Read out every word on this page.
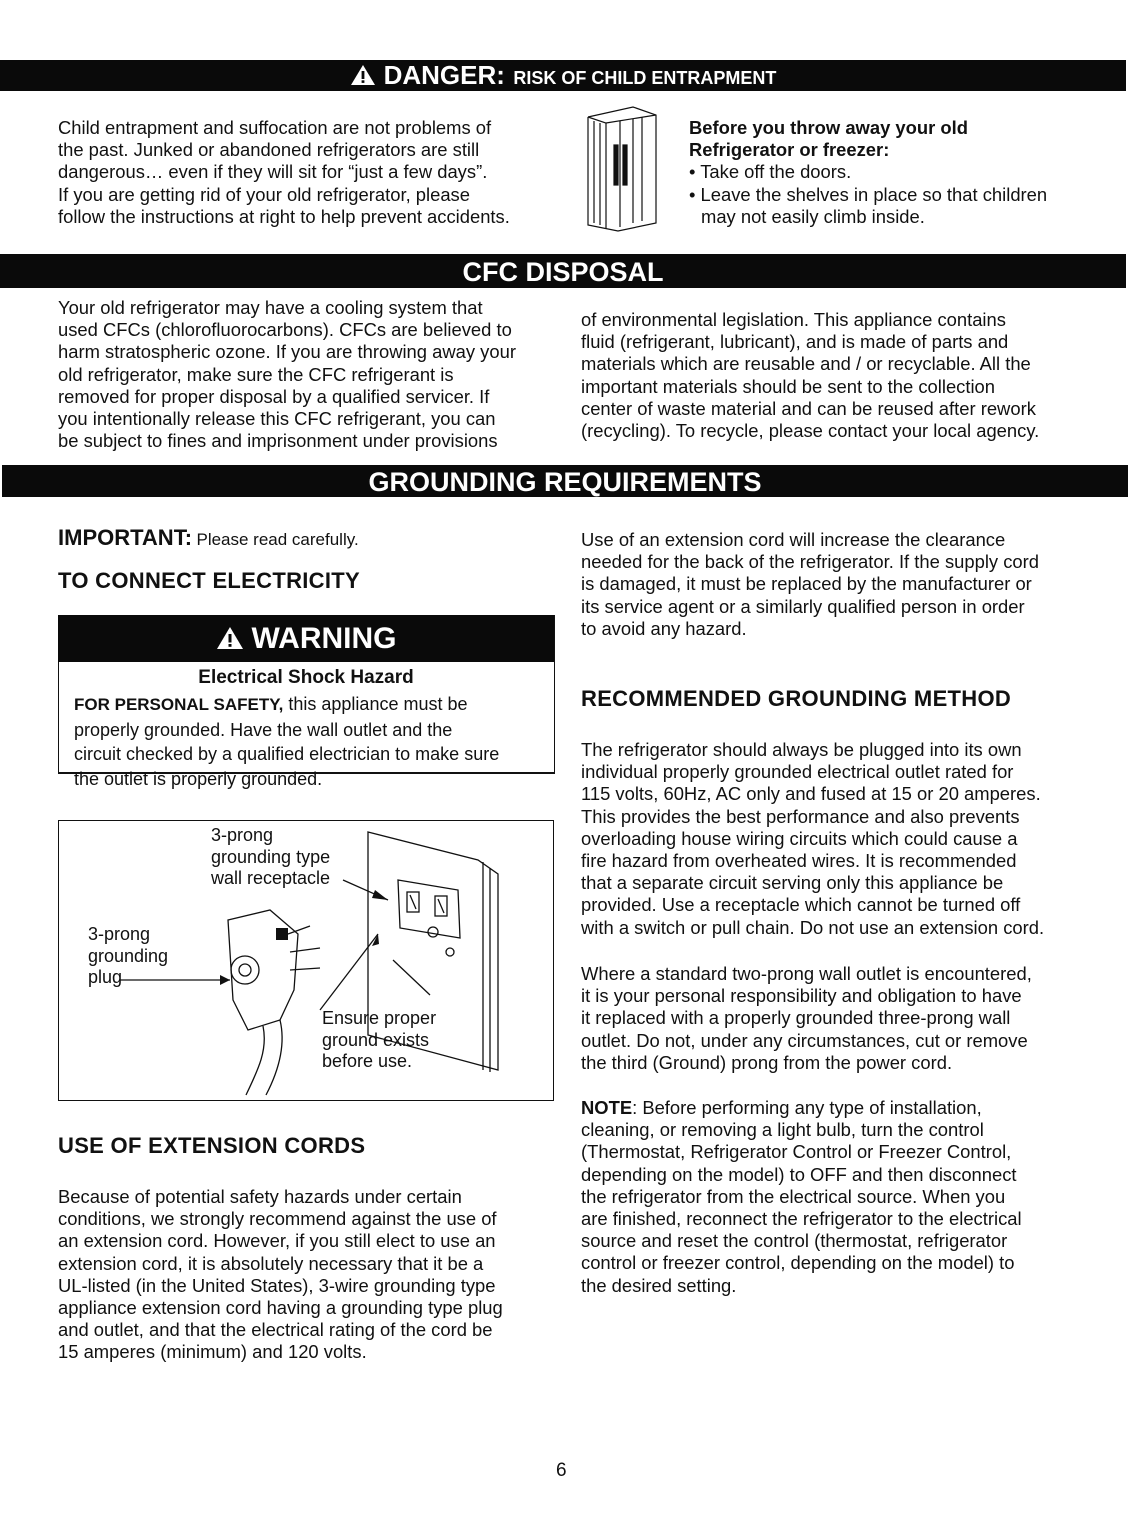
DANGER: RISK OF CHILD ENTRAPMENT
Child entrapment and suffocation are not problems of
the past. Junked or abandoned refrigerators are still
dangerous… even if they will sit for “just a few days”.
If you are getting rid of your old refrigerator, please
follow the instructions at right to help prevent accidents.
Before you throw away your old
Refrigerator or freezer:
• Take off the doors.
• Leave the shelves in place so that children
may not easily climb inside.
CFC DISPOSAL
Your old refrigerator may have a cooling system that
used CFCs (chlorofluorocarbons). CFCs are believed to
harm stratospheric ozone. If you are throwing away your
old refrigerator, make sure the CFC refrigerant is
removed for proper disposal by a qualified servicer. If
you intentionally release this CFC refrigerant, you can
be subject to fines and imprisonment under provisions
of environmental legislation. This appliance contains
fluid (refrigerant, lubricant), and is made of parts and
materials which are reusable and / or recyclable. All the
important materials should be sent to the collection
center of waste material and can be reused after rework
(recycling). To recycle, please contact your local agency.
GROUNDING REQUIREMENTS
IMPORTANT: Please read carefully.
TO CONNECT ELECTRICITY
WARNING
Electrical Shock Hazard
FOR PERSONAL SAFETY, this appliance must be
properly grounded. Have the wall outlet and the
circuit checked by a qualified electrician to make sure
the outlet is properly grounded.
3-prong
grounding type
wall receptacle
3-prong
grounding
plug
Ensure proper
ground exists
before use.
USE OF EXTENSION CORDS
Because of potential safety hazards under certain
conditions, we strongly recommend against the use of
an extension cord. However, if you still elect to use an
extension cord, it is absolutely necessary that it be a
UL-listed (in the United States), 3-wire grounding type
appliance extension cord having a grounding type plug
and outlet, and that the electrical rating of the cord be
15 amperes (minimum) and 120 volts.
Use of an extension cord will increase the clearance
needed for the back of the refrigerator. If the supply cord
is damaged, it must be replaced by the manufacturer or
its service agent or a similarly qualified person in order
to avoid any hazard.
RECOMMENDED GROUNDING METHOD
The refrigerator should always be plugged into its own
individual properly grounded electrical outlet rated for
115 volts, 60Hz, AC only and fused at 15 or 20 amperes.
This provides the best performance and also prevents
overloading house wiring circuits which could cause a
fire hazard from overheated wires. It is recommended
that a separate circuit serving only this appliance be
provided. Use a receptacle which cannot be turned off
with a switch or pull chain. Do not use an extension cord.
Where a standard two-prong wall outlet is encountered,
it is your personal responsibility and obligation to have
it replaced with a properly grounded three-prong wall
outlet. Do not, under any circumstances, cut or remove
the third (Ground) prong from the power cord.
NOTE: Before performing any type of installation,
cleaning, or removing a light bulb, turn the control
(Thermostat, Refrigerator Control or Freezer Control,
depending on the model) to OFF and then disconnect
the refrigerator from the electrical source. When you
are finished, reconnect the refrigerator to the electrical
source and reset the control (thermostat, refrigerator
control or freezer control, depending on the model) to
the desired setting.
6
